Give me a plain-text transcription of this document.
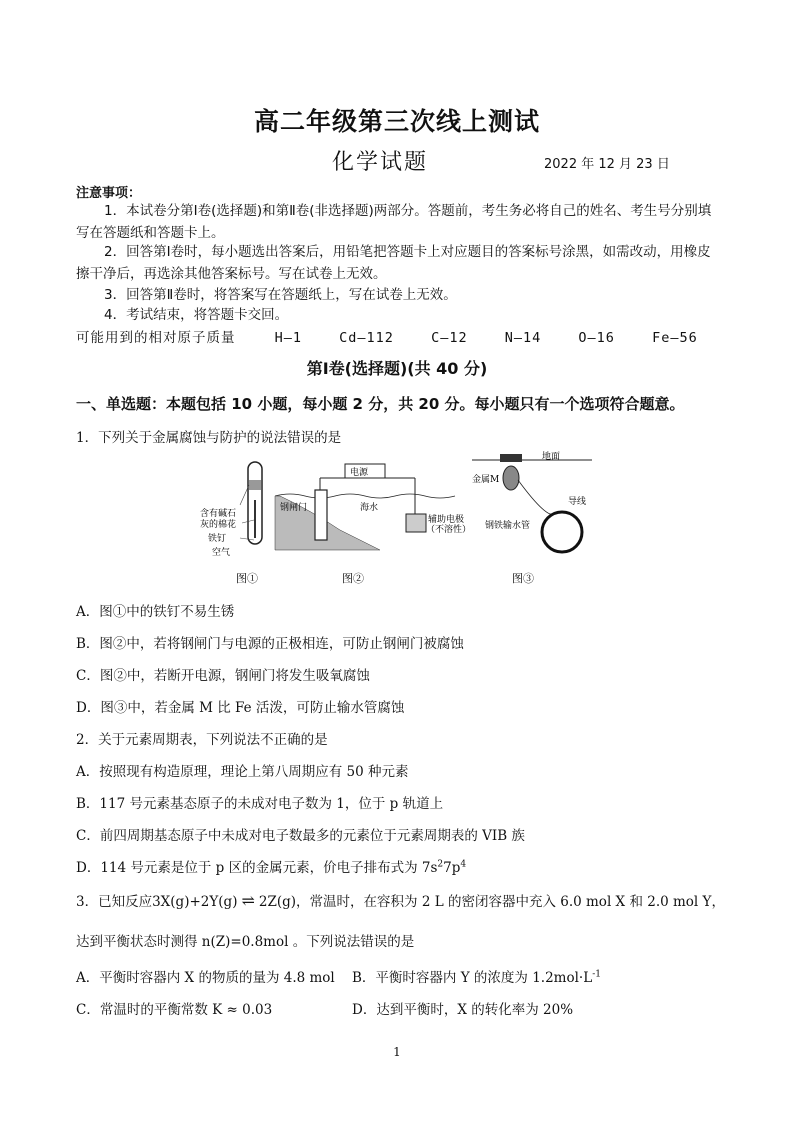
高二年级第三次线上测试
化学试题	2022 年 12 月 23 日
注意事项：
1．本试卷分第Ⅰ卷(选择题)和第Ⅱ卷(非选择题)两部分。答题前，考生务必将自己的姓名、考生号分别填写在答题纸和答题卡上。
2．回答第Ⅰ卷时，每小题选出答案后，用铅笔把答题卡上对应题目的答案标号涂黑，如需改动，用橡皮擦干净后，再选涂其他答案标号。写在试卷上无效。
3．回答第Ⅱ卷时，将答案写在答题纸上，写在试卷上无效。
4．考试结束，将答题卡交回。
可能用到的相对原子质量	H—1	Cd—112	C—12	N—14	O—16	Fe—56
第Ⅰ卷(选择题)(共 40 分)
一、单选题：本题包括 10 小题，每小题 2 分，共 20 分。每小题只有一个选项符合题意。
1．下列关于金属腐蚀与防护的说法错误的是
含有碱石
灰的棉花
铁钉
空气
电源
钢闸门	海水
辅助电极
（不溶性）
地面
金属M
导线
钢铁输水管
图①	图②	图③
A．图①中的铁钉不易生锈
B．图②中，若将钢闸门与电源的正极相连，可防止钢闸门被腐蚀
C．图②中，若断开电源，钢闸门将发生吸氧腐蚀
D．图③中，若金属 M 比 Fe 活泼，可防止输水管腐蚀
2．关于元素周期表，下列说法不正确的是
A．按照现有构造原理，理论上第八周期应有 50 种元素
B．117 号元素基态原子的未成对电子数为 1，位于 p 轨道上
C．前四周期基态原子中未成对电子数最多的元素位于元素周期表的 VIB 族
D．114 号元素是位于 p 区的金属元素，价电子排布式为 $7s^27p^4$
3．已知反应3X(g)+2Y(g) ⇌ 2Z(g)，常温时，在容积为 2 L 的密闭容器中充入 6.0 mol X 和 2.0 mol Y，
达到平衡状态时测得 n(Z)=0.8mol 。下列说法错误的是
A．平衡时容器内 X 的物质的量为 4.8 mol B．平衡时容器内 Y 的浓度为 $1.2mol\cdot L^{-1}$
C．常温时的平衡常数 K ≈ 0.03	D．达到平衡时，X 的转化率为 20%
1
